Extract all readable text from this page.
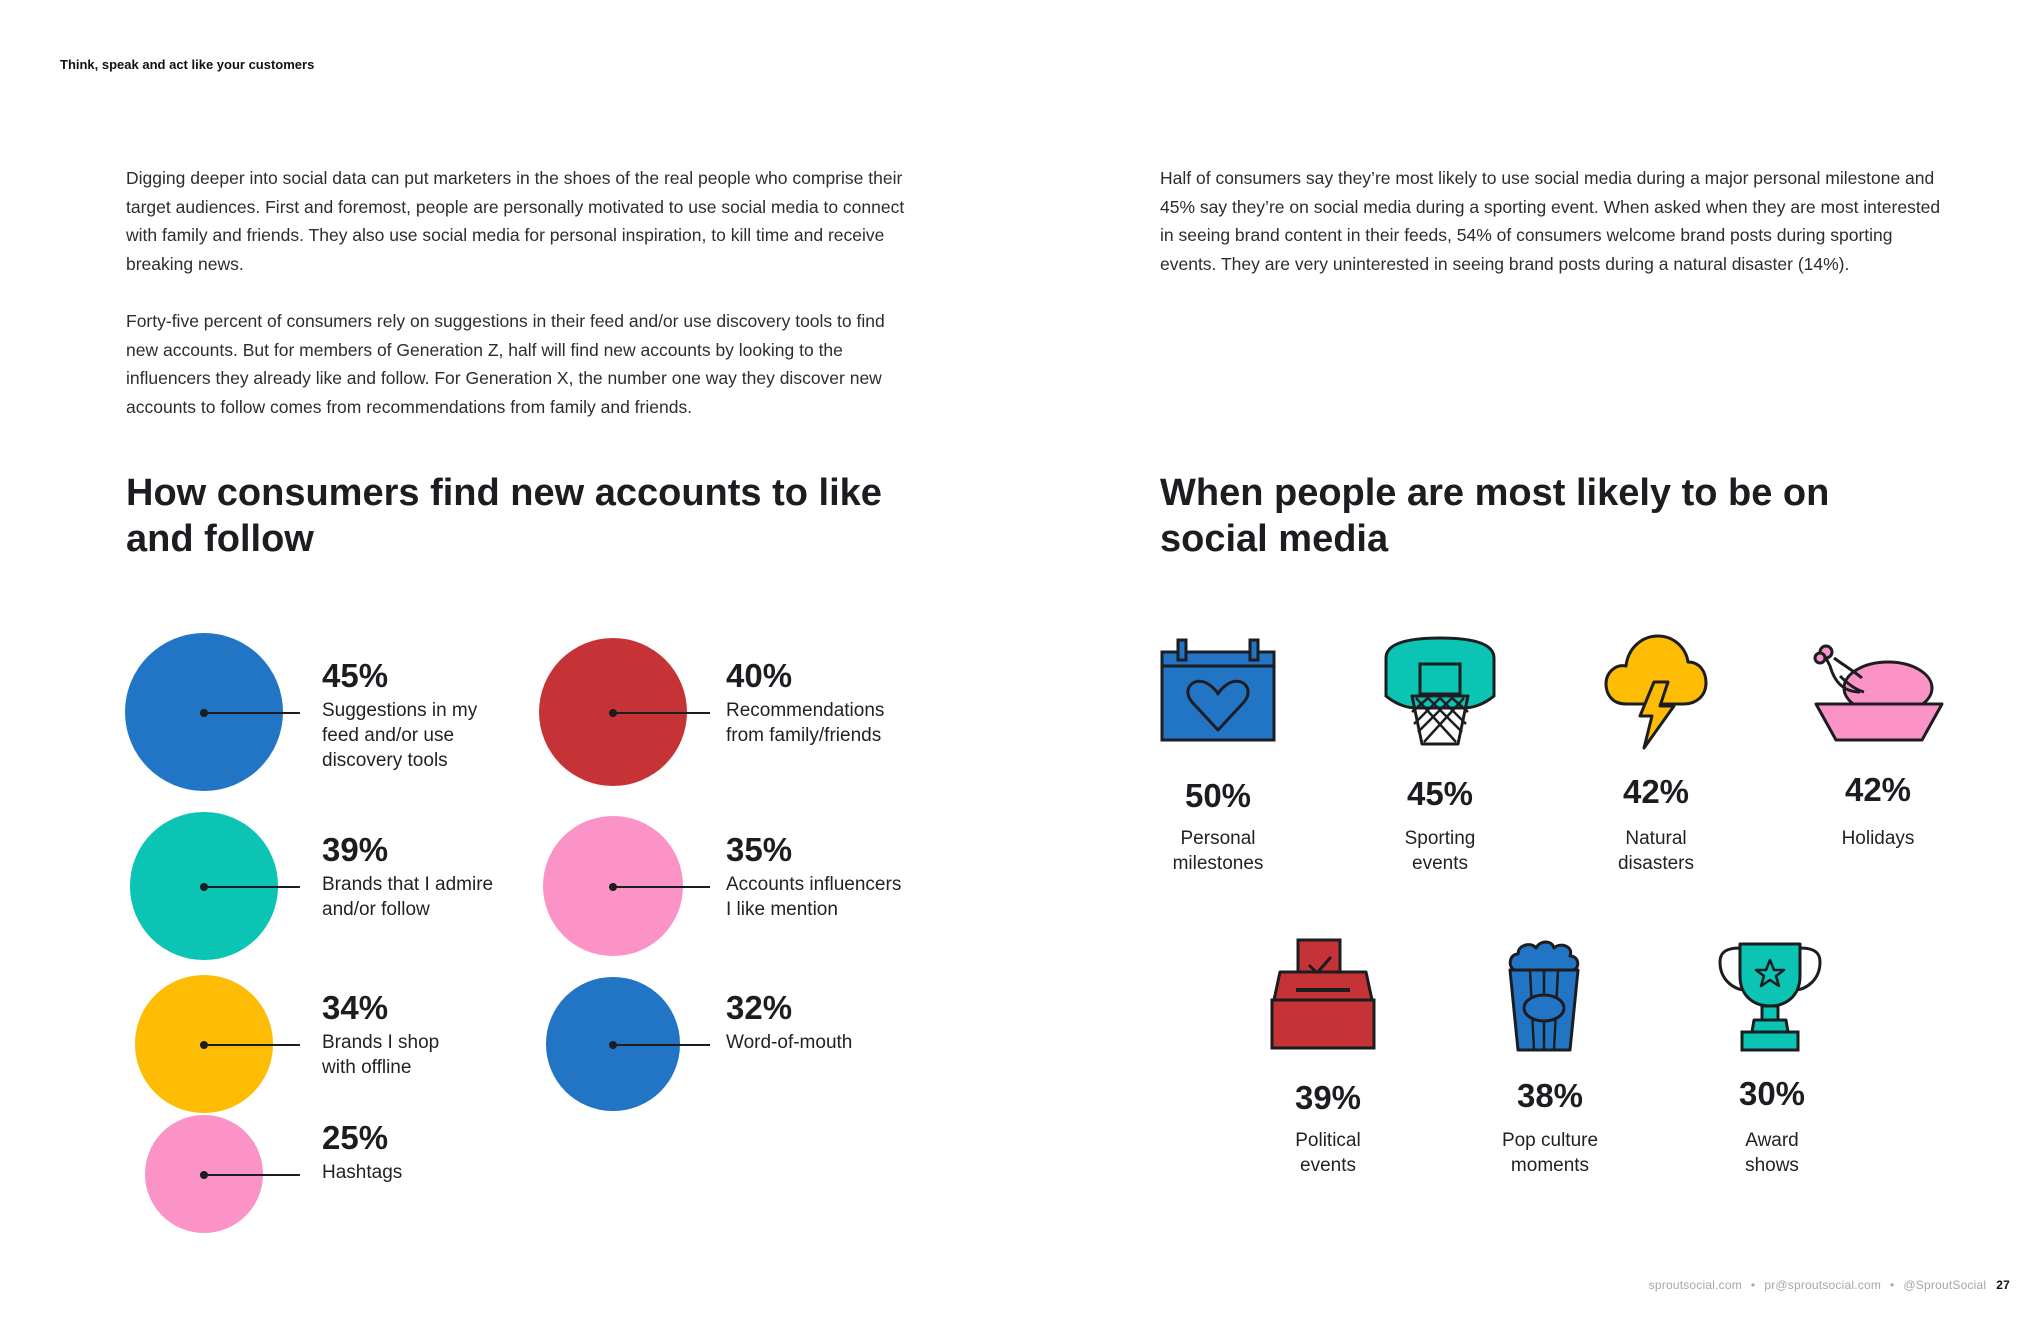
Think, speak and act like your customers

Digging deeper into social data can put marketers in the shoes of the real people who comprise their target audiences. First and foremost, people are personally motivated to use social media to connect with family and friends. They also use social media for personal inspiration, to kill time and receive breaking news.

Forty-five percent of consumers rely on suggestions in their feed and/or use discovery tools to find new accounts. But for members of Generation Z, half will find new accounts by looking to the influencers they already like and follow. For Generation X, the number one way they discover new accounts to follow comes from recommendations from family and friends.

Half of consumers say they’re most likely to use social media during a major personal milestone and 45% say they’re on social media during a sporting event. When asked when they are most interested in seeing brand content in their feeds, 54% of consumers welcome brand posts during sporting events. They are very uninterested in seeing brand posts during a natural disaster (14%).

How consumers find new accounts to like and follow
When people are most likely to be on social media
45%
Suggestions in my
feed and/or use
discovery tools
40%
Recommendations
from family/friends
39%
Brands that I admire
and/or follow
35%
Accounts influencers
I like mention
34%
Brands I shop
with offline
32%
Word-of-mouth
25%
Hashtags
50%
Personal
milestones
45%
Sporting
events
42%
Natural
disasters
42%
Holidays
39%
Political
events
38%
Pop culture
moments
30%
Award
shows
sproutsocial.com • pr@sproutsocial.com • @SproutSocial 27
